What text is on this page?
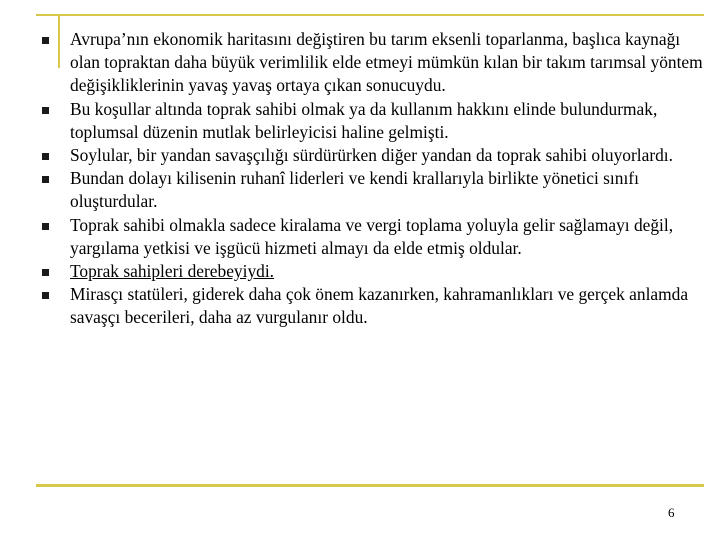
Avrupa’nın ekonomik haritasını değiştiren bu tarım eksenli toparlanma, başlıca kaynağı olan topraktan daha büyük verimlilik elde etmeyi mümkün kılan bir takım tarımsal yöntem değişikliklerinin yavaş yavaş ortaya çıkan sonucuydu.
Bu koşullar altında toprak sahibi olmak ya da kullanım hakkını elinde bulundurmak, toplumsal düzenin mutlak belirleyicisi haline gelmişti.
Soylular, bir yandan savaşçılığı sürdürürken diğer yandan da toprak sahibi oluyorlardı.
Bundan dolayı kilisenin ruhanî liderleri ve kendi krallarıyla birlikte yönetici sınıfı oluşturdular.
Toprak sahibi olmakla sadece kiralama ve vergi toplama yoluyla gelir sağlamayı değil, yargılama yetkisi ve işgücü hizmeti almayı da elde etmiş oldular.
Toprak sahipleri derebeyiydi.
Mirasçı statüleri, giderek daha çok önem kazanırken, kahramanlıkları ve gerçek anlamda savaşçı becerileri, daha az vurgulanır oldu.
6
